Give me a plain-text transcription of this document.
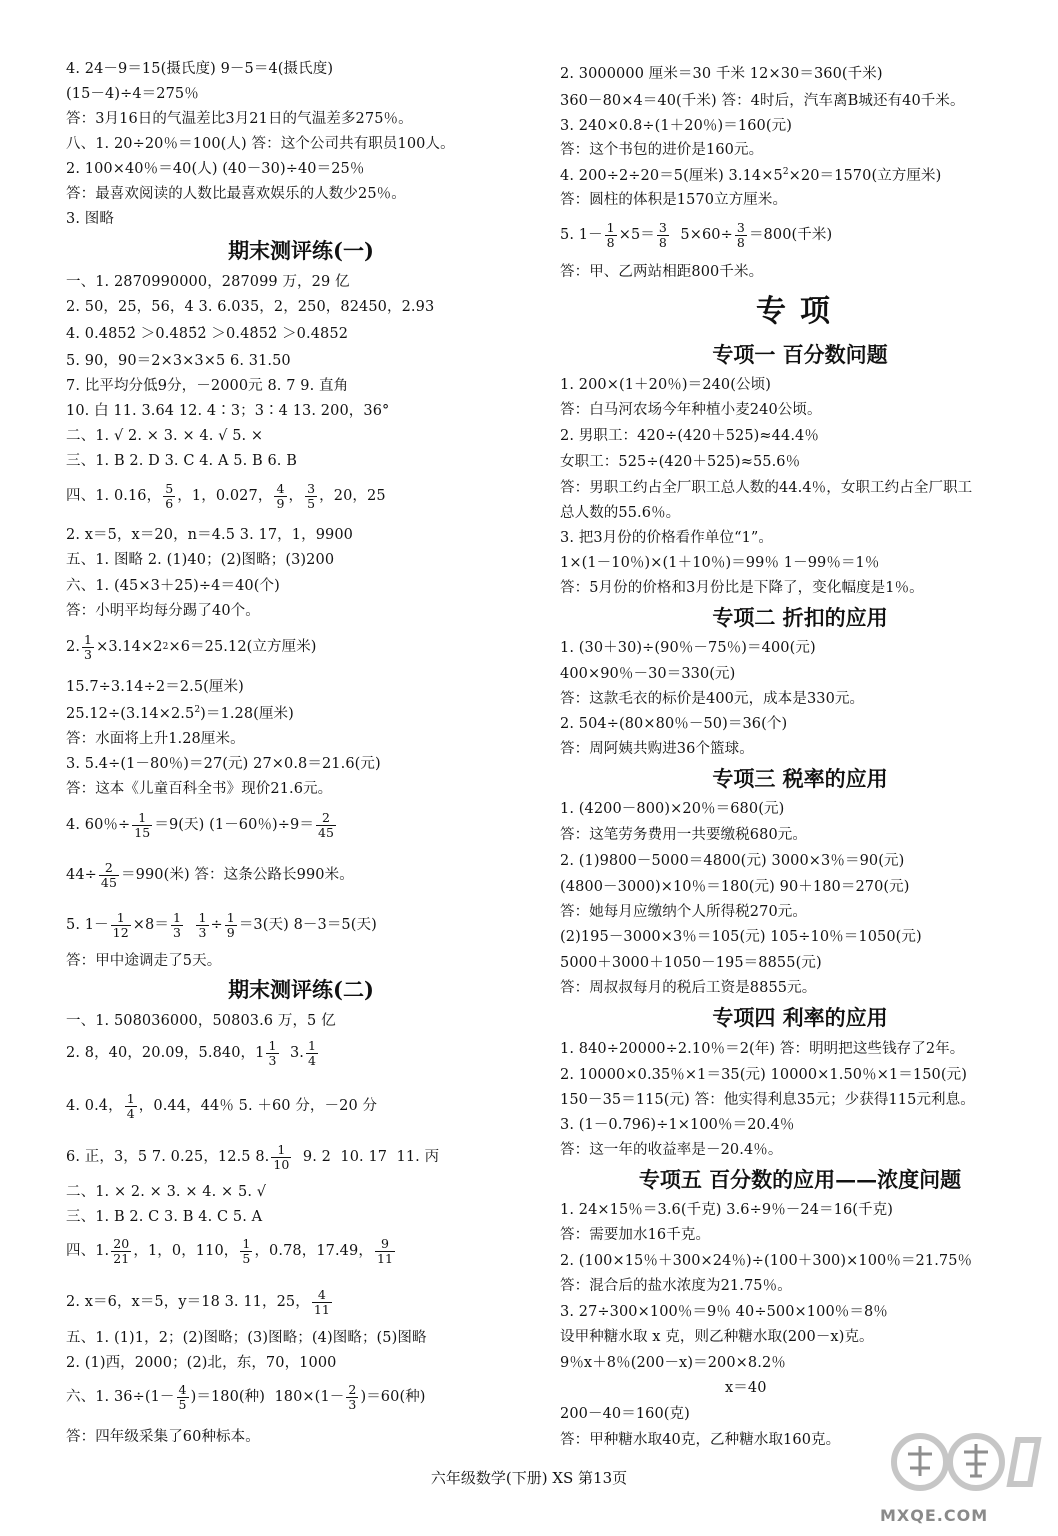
4. 24－9＝15(摄氏度) 9－5＝4(摄氏度)
(15－4)÷4＝275％
答：3月16日的气温差比3月21日的气温差多275％。
八、1. 20÷20％＝100(人) 答：这个公司共有职员100人。
2. 100×40％＝40(人) (40－30)÷40＝25％
答：最喜欢阅读的人数比最喜欢娱乐的人数少25％。
3. 图略
期末测评练(一)
一、1. 2870990000，287099 万，29 亿
2. 50，25，56，4 3. 6.035，2，250，82450，2.93
4. 0.4852̇ ＞0.485̇2̇ ＞0.48̇52̇ ＞0.4852
5. 90，90＝2×3×3×5 6. 31.50
7. 比平均分低9分，－2000元 8. 7 9. 直角
10. 白 11. 3.64 12. 4∶3；3∶4 13. 200，36°
二、1. √ 2. × 3. × 4. √ 5. ×
三、1. B 2. D 3. C 4. A 5. B 6. B
四、1. 0.16， $\frac{5}{6}$ ，1，0.027， $\frac{4}{9}$ ， $\frac{3}{5}$ ，20，25
2. x＝5，x＝20，n＝4.5 3. 17，1，9900
五、1. 图略 2. (1)40；(2)图略；(3)200
六、1. (45×3＋25)÷4＝40(个)
答：小明平均每分踢了40个。
2. $\frac{1}{3} \times 3.14\times 2$ 2 ×6＝25.12(立方厘米)
15.7÷3.14÷2＝2.5(厘米)
$25.12\div(3.14\times 2.5^2)=1.28$(厘米)
答：水面将上升1.28厘米。
3. 5.4÷(1－80％)＝27(元) 27×0.8＝21.6(元)
答：这本《儿童百科全书》现价21.6元。
4. 60％÷ $\frac{1}{15} =9$(天) (1－60％)$\div 9= \frac{2}{45}$
$44\div \frac{2}{45} =990$(米) 答：这条公路长990米。
5. $1- \frac{1}{12} \times 8= \frac{1}{3}$
$\frac{1}{3} \div \frac{1}{9} =3$(天) 8－3＝5(天)
答：甲中途调走了5天。
期末测评练(二)
一、1. 508036000，50803.6 万，5 亿
2. 8，40，20.09，5.840，$1 \frac{1}{3} 3$. $\frac{1}{4}$
4. 0.4̇， $\frac{1}{4}$ ，0.44，44％ 5. ＋60 分，－20 分
6. 正，3，5 7. 0.25，12.5 8. $\frac{1}{10} 9$. 2  10. 17  11. 丙
二、1. × 2. × 3. × 4. × 5. √
三、1. B 2. C 3. B 4. C 5. A
四、1. $\frac{20}{21}$ ，1，0，110， $\frac{1}{5}$ ，0.78，17.49， $\frac{9}{11}$
2. x＝6，x＝5，y＝18 3. 11，25， $\frac{4}{11}$
五、1. (1)1，2；(2)图略；(3)图略；(4)图略；(5)图略
2. (1)西，2000；(2)北，东，70，1000
六、1. $36\div(1- \frac{4}{5} )=180$(种)  $180\times(1- \frac{2}{3} )=60$(种)
答：四年级采集了60种标本。
2. 3000000 厘米＝30 千米 12×30＝360(千米)
360－80×4＝40(千米) 答：4时后，汽车离B城还有40千米。
3. 240×0.8÷(1＋20％)＝160(元)
答：这个书包的进价是160元。
4. 200÷2÷20＝5(厘米) $3.14\times 5^2\times 20=1570$(立方厘米)
答：圆柱的体积是1570立方厘米。
5. $1- \frac{1}{8} \times 5= \frac{3}{8} 5\times 60\div \frac{3}{8} =800$(千米)
答：甲、乙两站相距800千米。
专项
专项一 百分数问题
1. 200×(1＋20％)＝240(公顷)
答：白马河农场今年种植小麦240公顷。
2. 男职工：420÷(420＋525)≈44.4％
女职工：525÷(420＋525)≈55.6％
答：男职工约占全厂职工总人数的44.4％，女职工约占全厂职工
总人数的55.6％。
3. 把3月份的价格看作单位“1”。
1×(1－10％)×(1＋10％)＝99％ 1－99％＝1％
答：5月份的价格和3月份比是下降了，变化幅度是1％。
专项二 折扣的应用
1. (30＋30)÷(90％－75％)＝400(元)
400×90％－30＝330(元)
答：这款毛衣的标价是400元，成本是330元。
2. 504÷(80×80％－50)＝36(个)
答：周阿姨共购进36个篮球。
专项三 税率的应用
1. (4200－800)×20％＝680(元)
答：这笔劳务费用一共要缴税680元。
2. (1)9800－5000＝4800(元) 3000×3％＝90(元)
(4800－3000)×10％＝180(元) 90＋180＝270(元)
答：她每月应缴纳个人所得税270元。
(2)195－3000×3％＝105(元) 105÷10％＝1050(元)
5000＋3000＋1050－195＝8855(元)
答：周叔叔每月的税后工资是8855元。
专项四 利率的应用
1. 840÷20000÷2.10％＝2(年) 答：明明把这些钱存了2年。
2. 10000×0.35％×1＝35(元) 10000×1.50％×1＝150(元)
150－35＝115(元) 答：他实得利息35元；少获得115元利息。
3. (1－0.796)÷1×100％＝20.4％
答：这一年的收益率是－20.4％。
专项五 百分数的应用——浓度问题
1. 24×15％＝3.6(千克) 3.6÷9％－24＝16(千克)
答：需要加水16千克。
2. (100×15％＋300×24％)÷(100＋300)×100％＝21.75％
答：混合后的盐水浓度为21.75％。
3. 27÷300×100％＝9％ 40÷500×100％＝8％
设甲种糖水取 x 克，则乙种糖水取(200－x)克。
9％x＋8％(200－x)＝200×8.2％
x＝40
200－40＝160(克)
答：甲种糖水取40克，乙种糖水取160克。
六年级数学(下册) XS 第13页
MXQE.COM
